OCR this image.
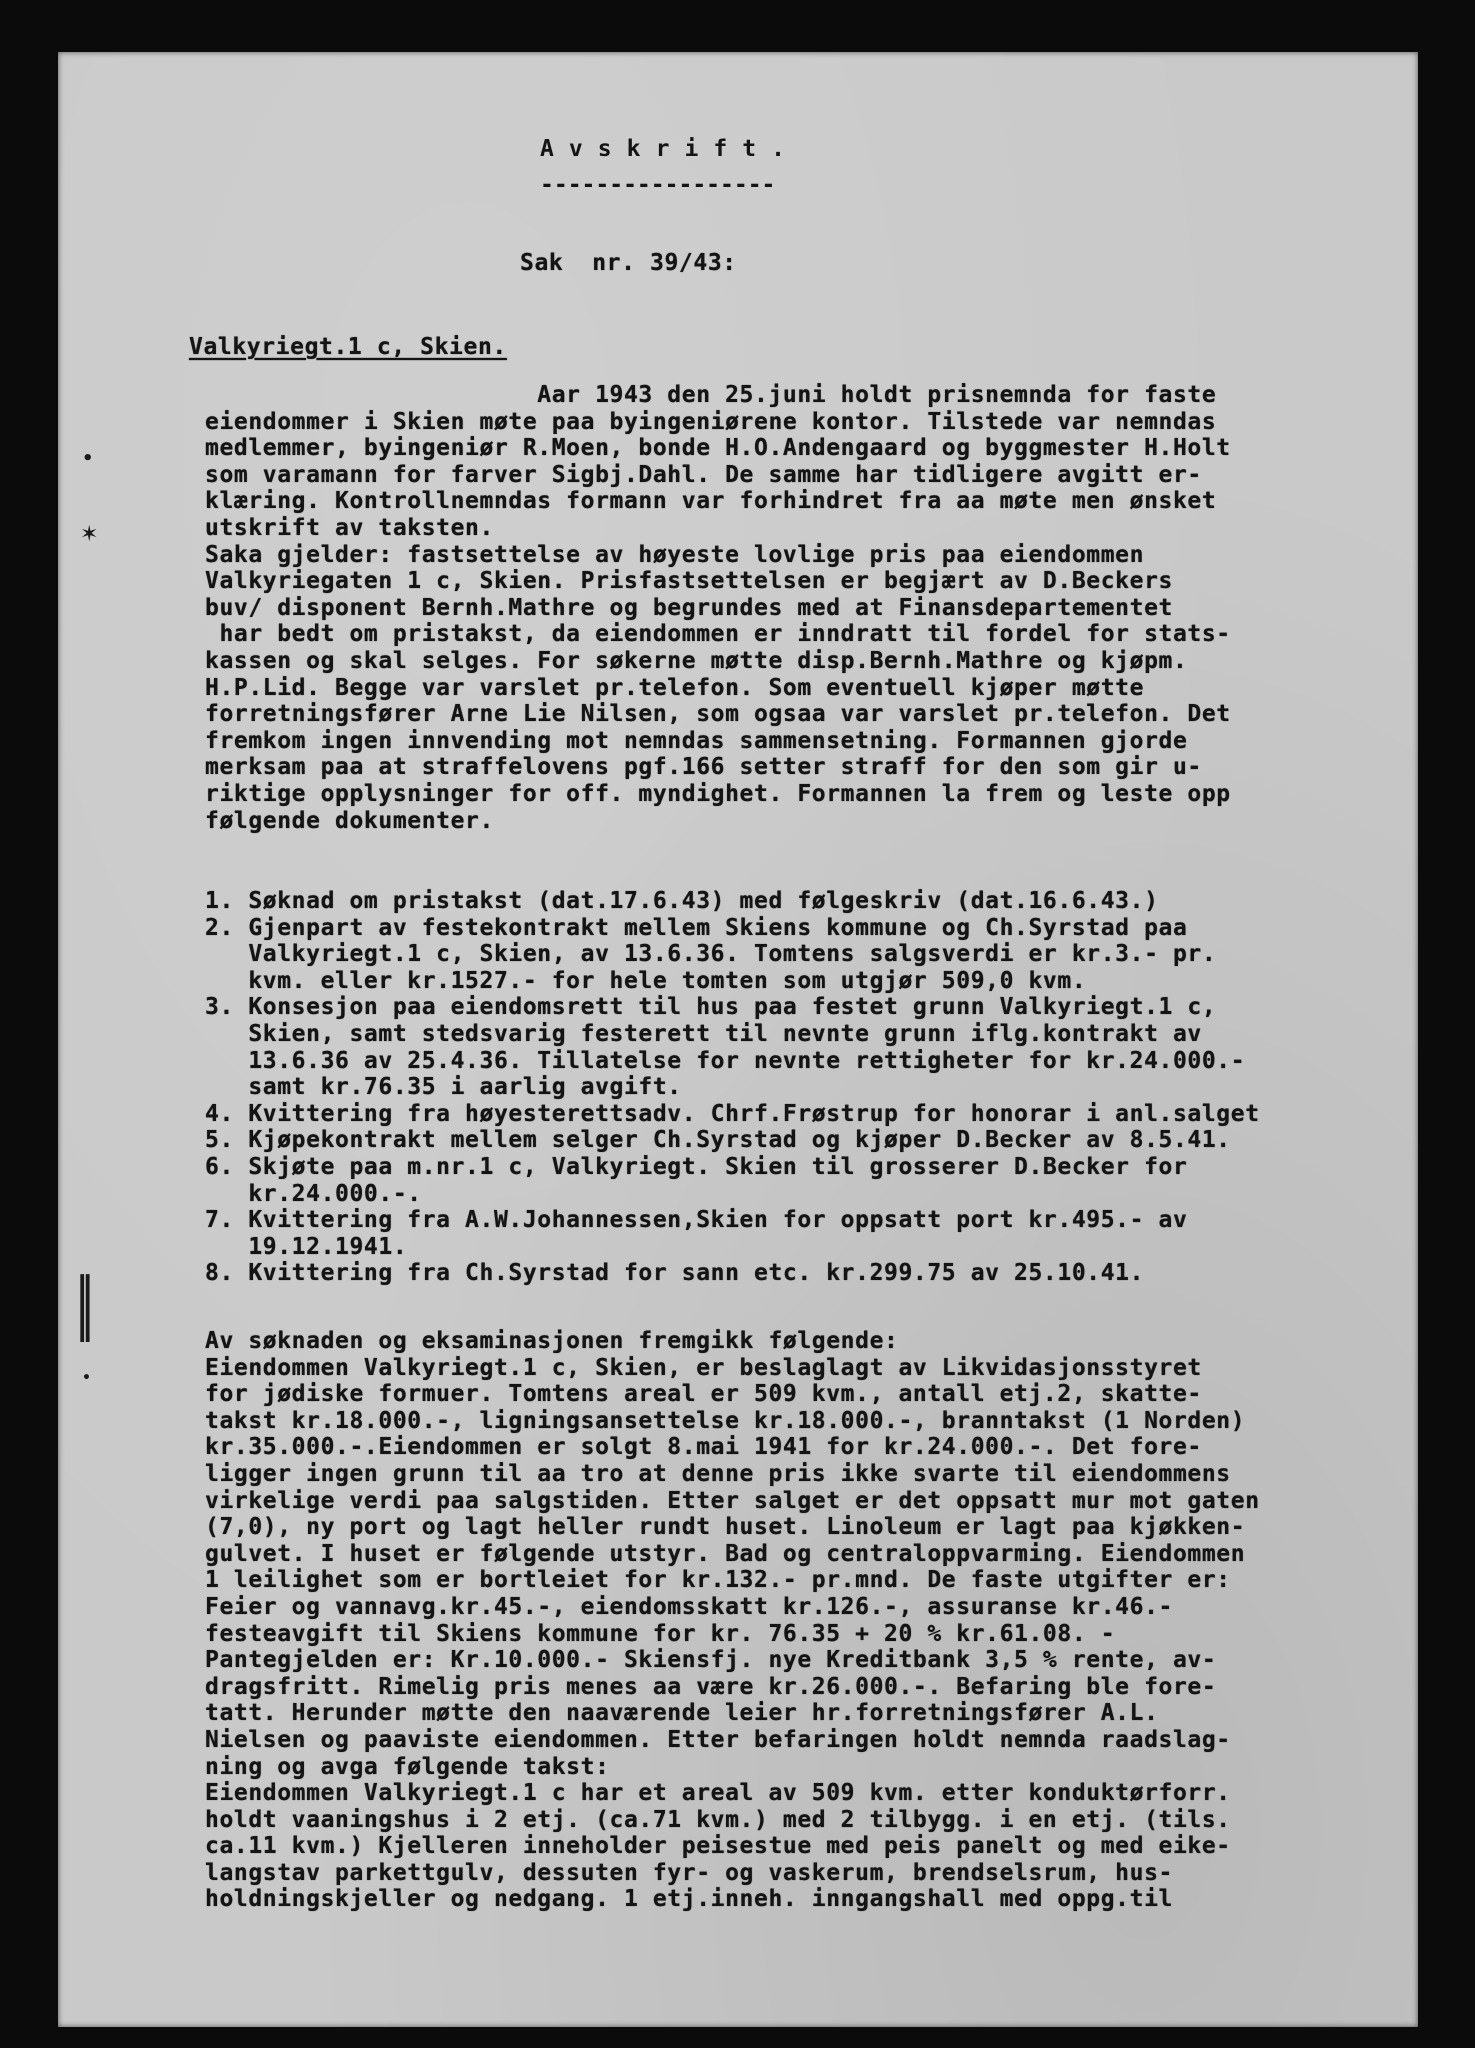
A v s k r i f t .
-----------------
Sak  nr. 39/43:
Valkyriegt.1 c, Skien.
Aar 1943 den 25.juni holdt prisnemnda for faste
eiendommer i Skien møte paa byingeniørene kontor. Tilstede var nemndas
medlemmer, byingeniør R.Moen, bonde H.O.Andengaard og byggmester H.Holt
som varamann for farver Sigbj.Dahl. De samme har tidligere avgitt er-
klæring. Kontrollnemndas formann var forhindret fra aa møte men ønsket
utskrift av taksten.
Saka gjelder: fastsettelse av høyeste lovlige pris paa eiendommen
Valkyriegaten 1 c, Skien. Prisfastsettelsen er begjært av D.Beckers
buv/ disponent Bernh.Mathre og begrundes med at Finansdepartementet
har bedt om pristakst, da eiendommen er inndratt til fordel for stats-
kassen og skal selges. For søkerne møtte disp.Bernh.Mathre og kjøpm.
H.P.Lid. Begge var varslet pr.telefon. Som eventuell kjøper møtte
forretningsfører Arne Lie Nilsen, som ogsaa var varslet pr.telefon. Det
fremkom ingen innvending mot nemndas sammensetning. Formannen gjorde
merksam paa at straffelovens pgf.166 setter straff for den som gir u-
riktige opplysninger for off. myndighet. Formannen la frem og leste opp
følgende dokumenter.
1. Søknad om pristakst (dat.17.6.43) med følgeskriv (dat.16.6.43.)
2. Gjenpart av festekontrakt mellem Skiens kommune og Ch.Syrstad paa
Valkyriegt.1 c, Skien, av 13.6.36. Tomtens salgsverdi er kr.3.- pr.
kvm. eller kr.1527.- for hele tomten som utgjør 509,0 kvm.
3. Konsesjon paa eiendomsrett til hus paa festet grunn Valkyriegt.1 c,
Skien, samt stedsvarig festerett til nevnte grunn iflg.kontrakt av
13.6.36 av 25.4.36. Tillatelse for nevnte rettigheter for kr.24.000.-
samt kr.76.35 i aarlig avgift.
4. Kvittering fra høyesterettsadv. Chrf.Frøstrup for honorar i anl.salget
5. Kjøpekontrakt mellem selger Ch.Syrstad og kjøper D.Becker av 8.5.41.
6. Skjøte paa m.nr.1 c, Valkyriegt. Skien til grosserer D.Becker for
kr.24.000.-.
7. Kvittering fra A.W.Johannessen,Skien for oppsatt port kr.495.- av
19.12.1941.
8. Kvittering fra Ch.Syrstad for sann etc. kr.299.75 av 25.10.41.
Av søknaden og eksaminasjonen fremgikk følgende:
Eiendommen Valkyriegt.1 c, Skien, er beslaglagt av Likvidasjonsstyret
for jødiske formuer. Tomtens areal er 509 kvm., antall etj.2, skatte-
takst kr.18.000.-, ligningsansettelse kr.18.000.-, branntakst (1 Norden)
kr.35.000.-.Eiendommen er solgt 8.mai 1941 for kr.24.000.-. Det fore-
ligger ingen grunn til aa tro at denne pris ikke svarte til eiendommens
virkelige verdi paa salgstiden. Etter salget er det oppsatt mur mot gaten
(7,0), ny port og lagt heller rundt huset. Linoleum er lagt paa kjøkken-
gulvet. I huset er følgende utstyr. Bad og centraloppvarming. Eiendommen
1 leilighet som er bortleiet for kr.132.- pr.mnd. De faste utgifter er:
Feier og vannavg.kr.45.-, eiendomsskatt kr.126.-, assuranse kr.46.-
festeavgift til Skiens kommune for kr. 76.35 + 20 % kr.61.08. -
Pantegjelden er: Kr.10.000.- Skiensfj. nye Kreditbank 3,5 % rente, av-
dragsfritt. Rimelig pris menes aa være kr.26.000.-. Befaring ble fore-
tatt. Herunder møtte den naaværende leier hr.forretningsfører A.L.
Nielsen og paaviste eiendommen. Etter befaringen holdt nemnda raadslag-
ning og avga følgende takst:
Eiendommen Valkyriegt.1 c har et areal av 509 kvm. etter konduktørforr.
holdt vaaningshus i 2 etj. (ca.71 kvm.) med 2 tilbygg. i en etj. (tils.
ca.11 kvm.) Kjelleren inneholder peisestue med peis panelt og med eike-
langstav parkettgulv, dessuten fyr- og vaskerum, brendselsrum, hus-
holdningskjeller og nedgang. 1 etj.inneh. inngangshall med oppg.til
•
✶
‖
•
